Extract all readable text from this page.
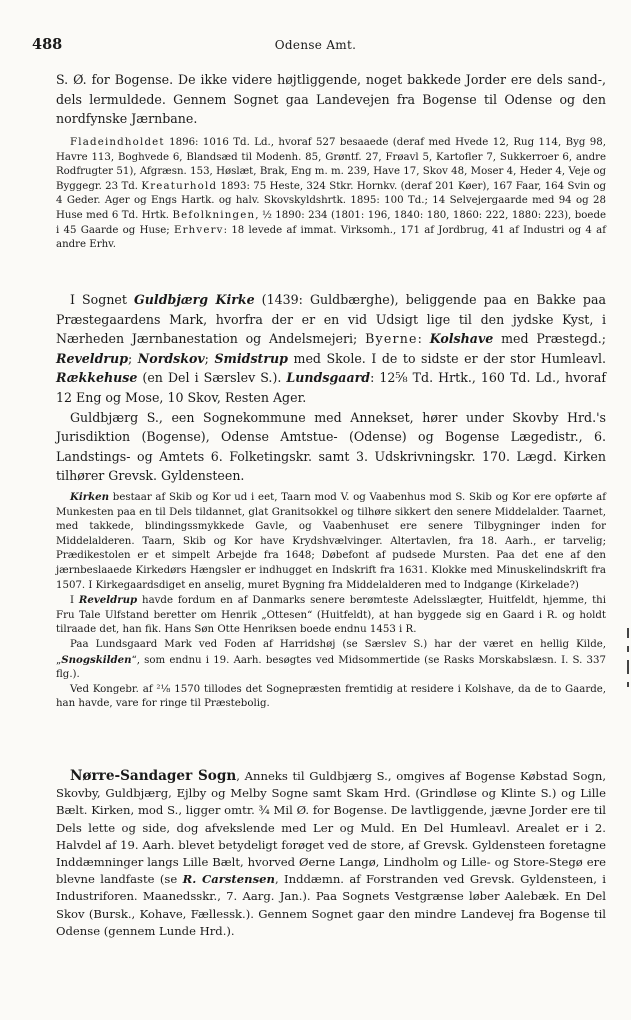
488	Odense Amt.

S. Ø. for Bogense. De ikke videre højtliggende, noget bakkede Jorder ere dels sand-, dels lermuldede. Gennem Sognet gaa Landevejen fra Bogense til Odense og den nordfynske Jærnbane.

Fladeindholdet 1896: 1016 Td. Ld., hvoraf 527 besaaede (deraf med Hvede 12, Rug 114, Byg 98, Havre 113, Boghvede 6, Blandsæd til Modenh. 85, Grøntf. 27, Frøavl 5, Kartofler 7, Sukkerroer 6, andre Rodfrugter 51), Afgræsn. 153, Høslæt, Brak, Eng m. m. 239, Have 17, Skov 48, Moser 4, Heder 4, Veje og Byggegr. 23 Td. Kreaturhold 1893: 75 Heste, 324 Stkr. Hornkv. (deraf 201 Køer), 167 Faar, 164 Svin og 4 Geder. Ager og Engs Hartk. og halv. Skovskyldshrtk. 1895: 100 Td.; 14 Selvejergaarde med 94 og 28 Huse med 6 Td. Hrtk. Befolkningen, ½ 1890: 234 (1801: 196, 1840: 180, 1860: 222, 1880: 223), boede i 45 Gaarde og Huse; Erhverv: 18 levede af immat. Virksomh., 171 af Jordbrug, 41 af Industri og 4 af andre Erhv.

I Sognet Guldbjærg Kirke (1439: Guldbærghe), beliggende paa en Bakke paa Præstegaardens Mark, hvorfra der er en vid Udsigt lige til den jydske Kyst, i Nærheden Jærnbanestation og Andelsmejeri; Byerne: Kolshave med Præstegd.; Reveldrup; Nordskov; Smidstrup med Skole. I de to sidste er der stor Humleavl. Rækkehuse (en Del i Særslev S.). Lundsgaard: 12⅝ Td. Hrtk., 160 Td. Ld., hvoraf 12 Eng og Mose, 10 Skov, Resten Ager.

Guldbjærg S., een Sognekommune med Annekset, hører under Skovby Hrd.'s Jurisdiktion (Bogense), Odense Amtstue- (Odense) og Bogense Lægedistr., 6. Landstings- og Amtets 6. Folketingskr. samt 3. Udskrivningskr. 170. Lægd. Kirken tilhører Grevsk. Gyldensteen.

Kirken bestaar af Skib og Kor ud i eet, Taarn mod V. og Vaabenhus mod S. Skib og Kor ere opførte af Munkesten paa en til Dels tildannet, glat Granitsokkel og tilhøre sikkert den senere Middelalder. Taarnet, med takkede, blindingssmykkede Gavle, og Vaabenhuset ere senere Tilbygninger inden for Middelalderen. Taarn, Skib og Kor have Krydshvælvinger. Altertavlen, fra 18. Aarh., er tarvelig; Prædikestolen er et simpelt Arbejde fra 1648; Døbefont af pudsede Mursten. Paa det ene af den jærnbeslaaede Kirkedørs Hængsler er indhugget en Indskrift fra 1631. Klokke med Minuskelindskrift fra 1507. I Kirkegaardsdiget en anselig, muret Bygning fra Middelalderen med to Indgange (Kirkelade?)

I Reveldrup havde fordum en af Danmarks senere berømteste Adelsslægter, Huitfeldt, hjemme, thi Fru Tale Ulfstand beretter om Henrik „Ottesen“ (Huitfeldt), at han byggede sig en Gaard i R. og holdt tilraade det, han fik. Hans Søn Otte Henriksen boede endnu 1453 i R.

Paa Lundsgaard Mark ved Foden af Harridshøj (se Særslev S.) har der været en hellig Kilde, „Snogskilden“, som endnu i 19. Aarh. besøgtes ved Midsommertide (se Rasks Morskabslæsn. I. S. 337 flg.).

Ved Kongebr. af ²¹⁄₈ 1570 tillodes det Sognepræsten fremtidig at residere i Kolshave, da de to Gaarde, han havde, vare for ringe til Præstebolig.

Nørre-Sandager Sogn, Anneks til Guldbjærg S., omgives af Bogense Købstad Sogn, Skovby, Guldbjærg, Ejlby og Melby Sogne samt Skam Hrd. (Grindløse og Klinte S.) og Lille Bælt. Kirken, mod S., ligger omtr. ¾ Mil Ø. for Bogense. De lavtliggende, jævne Jorder ere til Dels lette og side, dog afvekslende med Ler og Muld. En Del Humleavl. Arealet er i 2. Halvdel af 19. Aarh. blevet betydeligt forøget ved de store, af Grevsk. Gyldensteen foretagne Inddæmninger langs Lille Bælt, hvorved Øerne Langø, Lindholm og Lille- og Store-Stegø ere blevne landfaste (se R. Carstensen, Inddæmn. af Forstranden ved Grevsk. Gyldensteen, i Industriforen. Maanedsskr., 7. Aarg. Jan.). Paa Sognets Vestgrænse løber Aalebæk. En Del Skov (Bursk., Kohave, Fællessk.). Gennem Sognet gaar den mindre Landevej fra Bogense til Odense (gennem Lunde Hrd.).
